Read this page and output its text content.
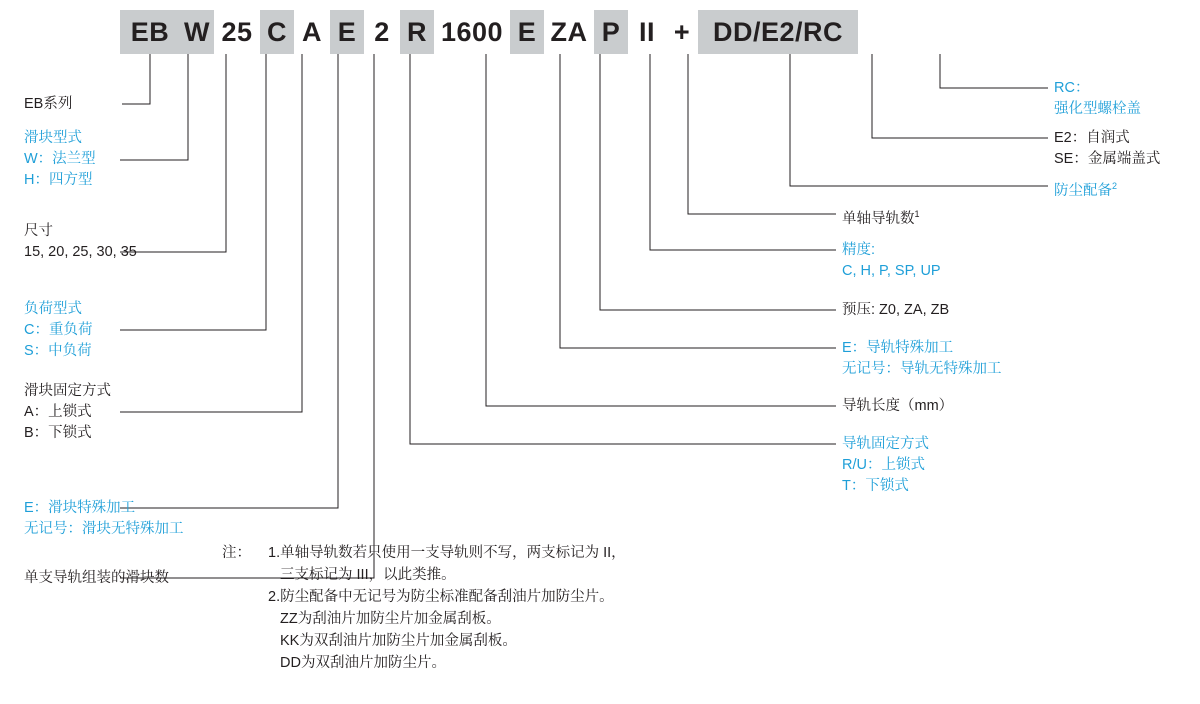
EB W 25 C A E 2 R 1600 E ZA P II + DD/E2/RC
EB系列
滑块型式
W：法兰型
H：四方型
尺寸
15, 20, 25, 30, 35
负荷型式
C：重负荷
S：中负荷
滑块固定方式
A：上锁式
B：下锁式
E：滑块特殊加工
无记号：滑块无特殊加工
单支导轨组装的滑块数
导轨固定方式
R/U：上锁式
T：下锁式
导轨长度（mm）
E：导轨特殊加工
无记号：导轨无特殊加工
预压: Z0, ZA, ZB
精度:
C, H, P, SP, UP
单轴导轨数$^1$
防尘配备$^2$
E2：自润式
SE：金属端盖式
RC：
强化型螺栓盖
注： 1.单轴导轨数若只使用一支导轨则不写，两支标记为 II，
三支标记为 III，以此类推。
2.防尘配备中无记号为防尘标准配备刮油片加防尘片。
ZZ为刮油片加防尘片加金属刮板。
KK为双刮油片加防尘片加金属刮板。
DD为双刮油片加防尘片。
